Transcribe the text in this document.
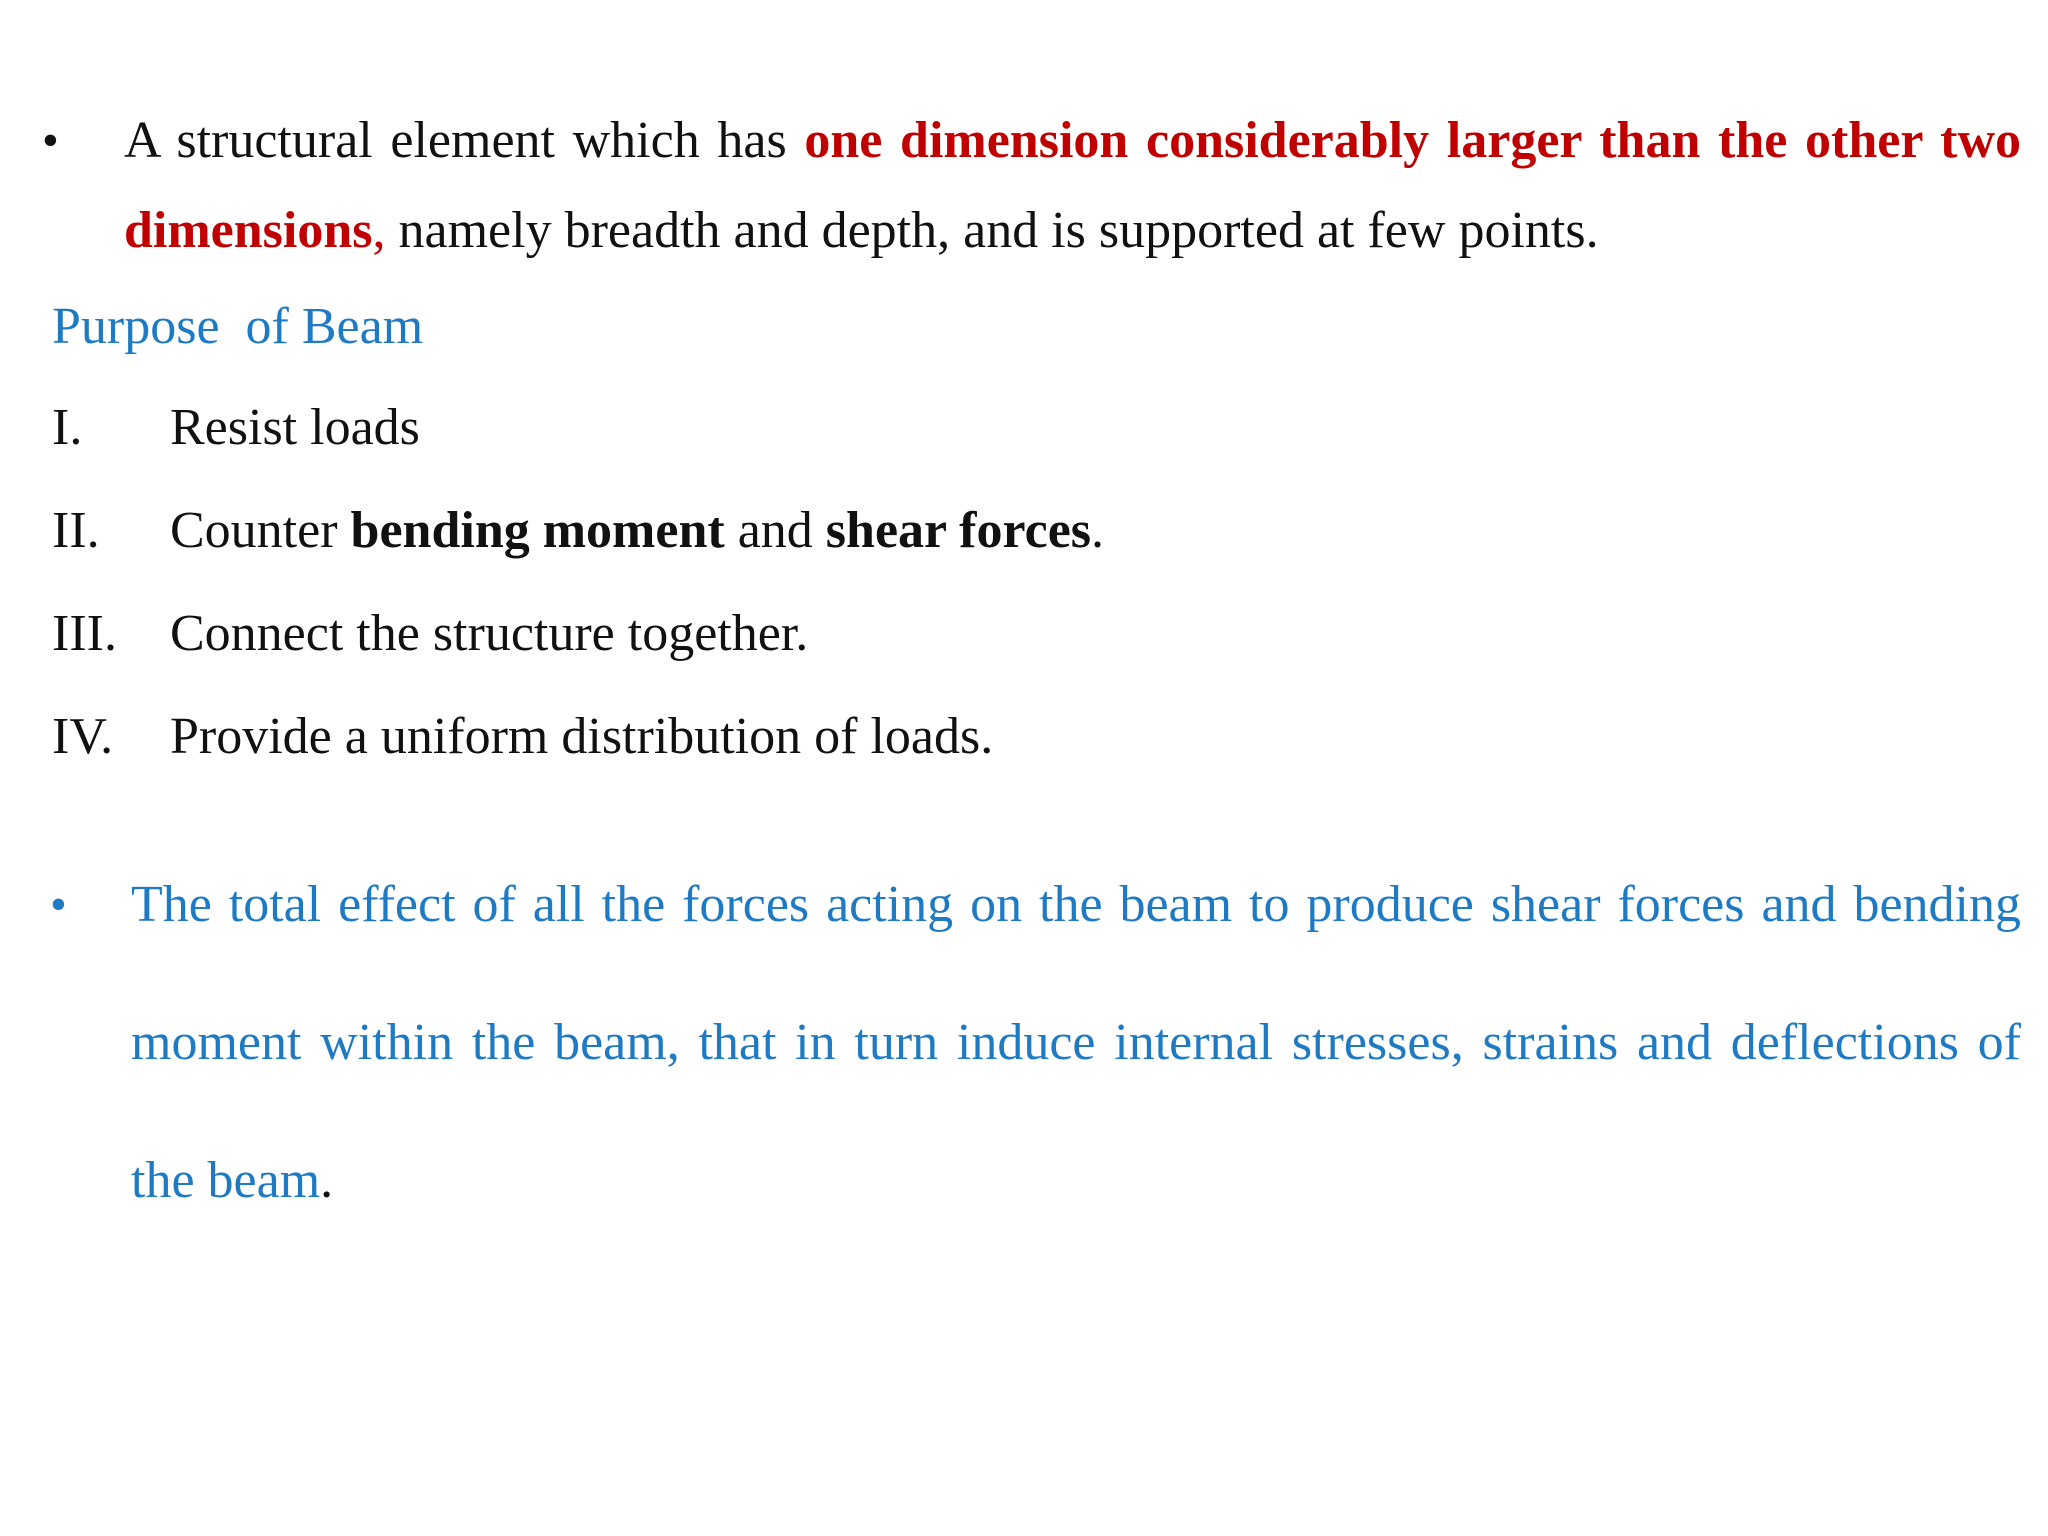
•	A structural element which has one dimension considerably larger than the other two dimensions, namely breadth and depth, and is supported at few points.

Purpose  of Beam
I.	Resist loads
II.	Counter bending moment and shear forces.
III.	Connect the structure together.
IV.	Provide a uniform distribution of loads.
• The total effect of all the forces acting on the beam to produce shear forces and bending moment within the beam, that in turn induce internal stresses, strains and deflections of the beam.
